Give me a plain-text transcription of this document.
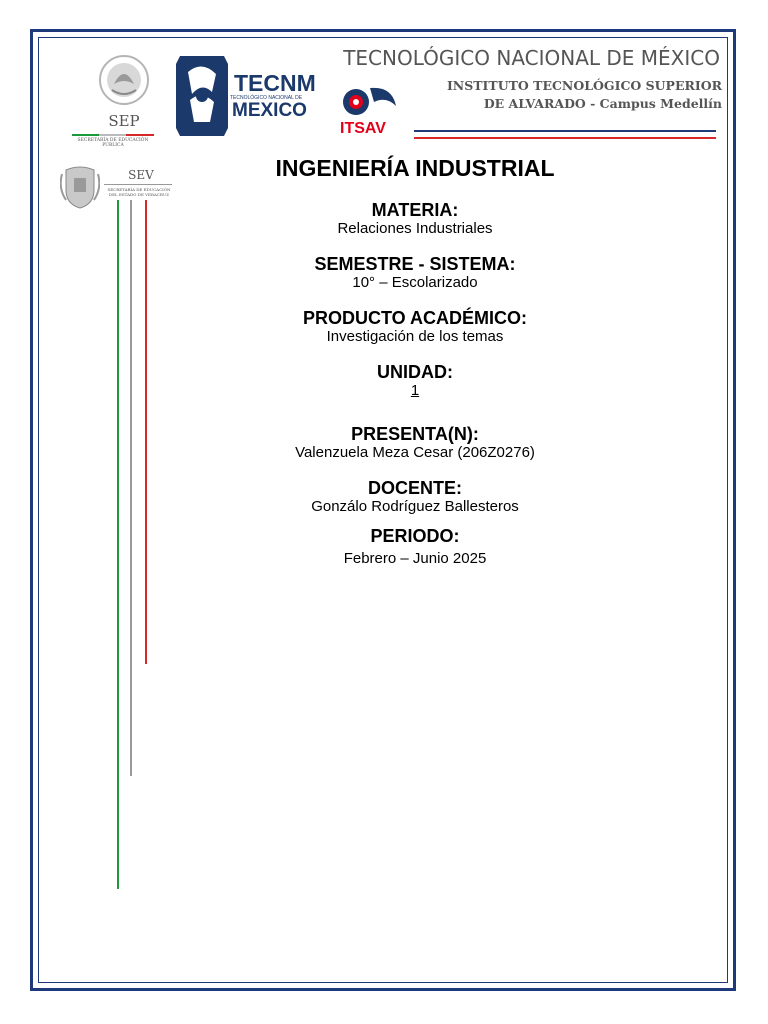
SEP
SECRETARÍA DE EDUCACIÓN PÚBLICA
TECNM
TECNOLÓGICO NACIONAL DE
MEXICO
ITSAV
TECNOLÓGICO NACIONAL DE MÉXICO
INSTITUTO TECNOLÓGICO SUPERIOR
DE ALVARADO - Campus Medellín
SEV
SECRETARÍA DE EDUCACIÓN DEL ESTADO DE VERACRUZ
INGENIERÍA INDUSTRIAL
MATERIA:
Relaciones Industriales
SEMESTRE - SISTEMA:
10° – Escolarizado
PRODUCTO ACADÉMICO:
Investigación de los temas
UNIDAD:
1
PRESENTA(N):
Valenzuela Meza Cesar (206Z0276)
DOCENTE:
Gonzálo Rodríguez Ballesteros
PERIODO:
Febrero – Junio 2025
